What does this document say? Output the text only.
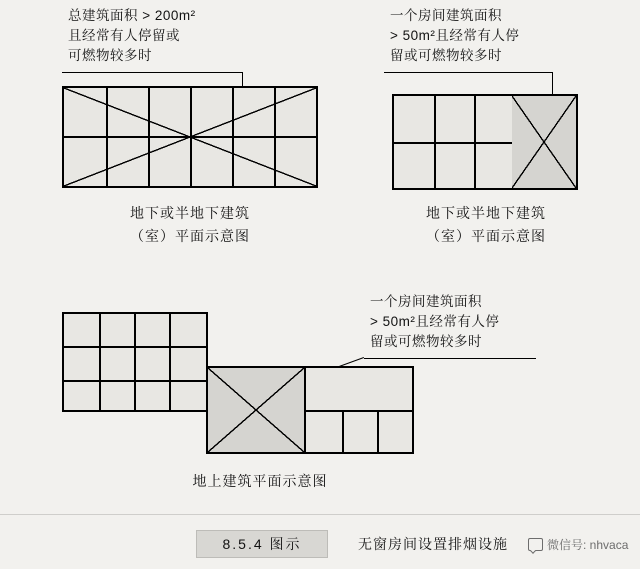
总建筑面积 > 200m²
且经常有人停留或
可燃物较多时
一个房间建筑面积
> 50m²且经常有人停
留或可燃物较多时
地下或半地下建筑
（室）平面示意图
地下或半地下建筑
（室）平面示意图
一个房间建筑面积
> 50m²且经常有人停
留或可燃物较多时
地上建筑平面示意图
8.5.4 图示	无窗房间设置排烟设施	微信号: nhvaca
